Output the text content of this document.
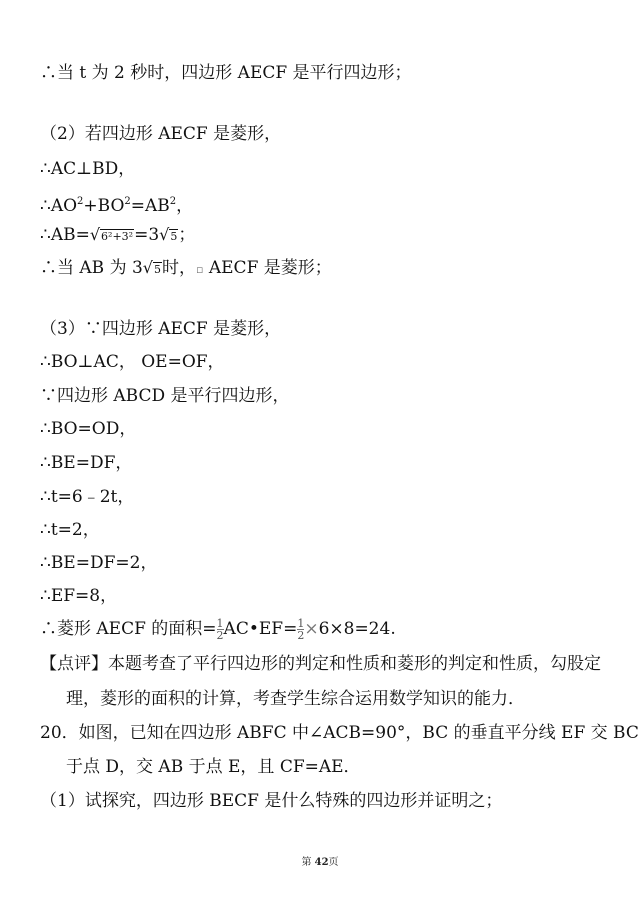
∴当 t 为 2 秒时，四边形 AECF 是平行四边形；
（2）若四边形 AECF 是菱形，
∴AC⊥BD，
$\therefore AO^2+BO^2=AB^2$，
∴AB=√6²+3²=3√5；
∴当 AB 为 3√5时，▫ AECF 是菱形；
（3）∵四边形 AECF 是菱形，
∴BO⊥AC， OE=OF，
∵四边形 ABCD 是平行四边形，
∴BO=OD，
∴BE=DF，
∴t=6﹣2t，
∴t=2，
∴BE=DF=2，
∴EF=8，
∴菱形 AECF 的面积= $\frac{1}{2}$ AC•EF= $\frac{1}{2} \times 6\times 8=24$.
【点评】本题考查了平行四边形的判定和性质和菱形的判定和性质，勾股定
理，菱形的面积的计算，考查学生综合运用数学知识的能力．
20．如图，已知在四边形 ABFC 中∠ACB=90°，BC 的垂直平分线 EF 交 BC
于点 D，交 AB 于点 E，且 CF=AE．
（1）试探究，四边形 BECF 是什么特殊的四边形并证明之；
第 42页
